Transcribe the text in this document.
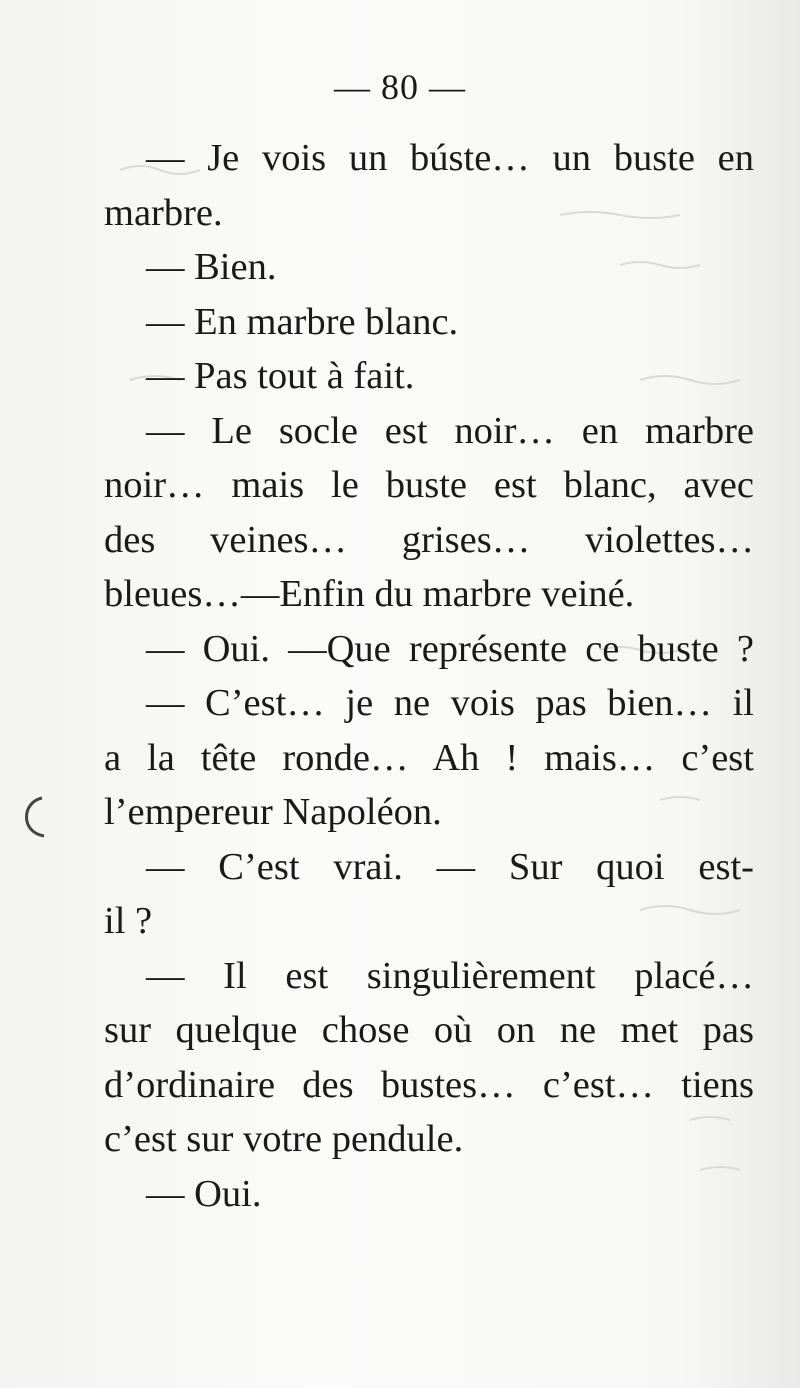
— 80 —
— Je vois un búste… un buste en
marbre.
— Bien.
— En marbre blanc.
— Pas tout à fait.
— Le socle est noir… en marbre
noir… mais le buste est blanc, avec
des veines… grises… violettes…
bleues…—Enfin du marbre veiné.
— Oui. —Que représente ce buste ?
— C’est… je ne vois pas bien… il
a la tête ronde… Ah ! mais… c’est
l’empereur Napoléon.
— C’est vrai. — Sur quoi est-
il ?
— Il est singulièrement placé…
sur quelque chose où on ne met pas
d’ordinaire des bustes… c’est… tiens
c’est sur votre pendule.
— Oui.
